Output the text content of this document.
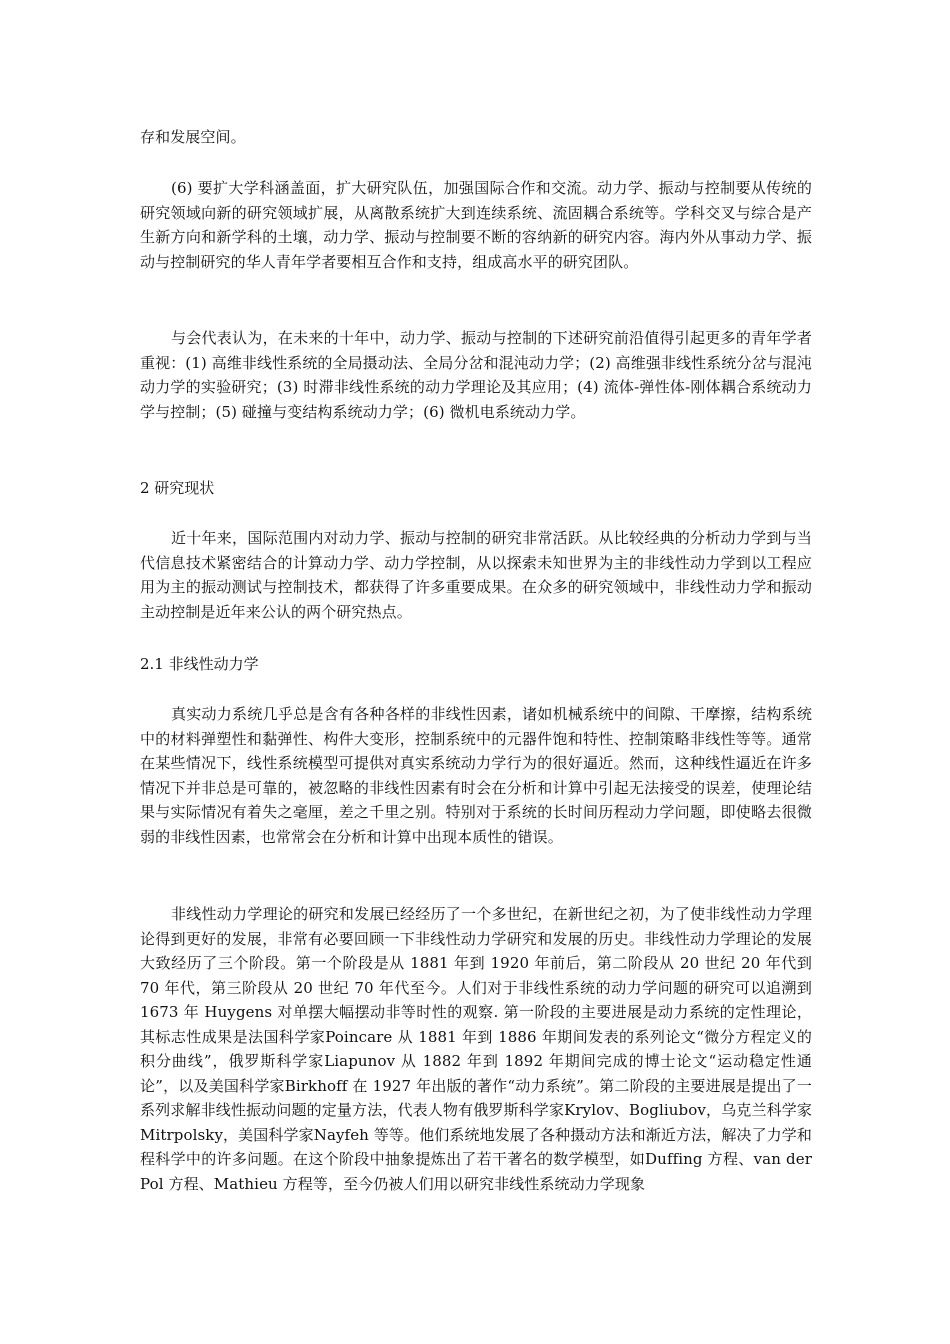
存和发展空间。

(6) 要扩大学科涵盖面，扩大研究队伍，加强国际合作和交流。动力学、振动与控制要从传统的研究领域向新的研究领域扩展，从离散系统扩大到连续系统、流固耦合系统等。学科交叉与综合是产生新方向和新学科的土壤，动力学、振动与控制要不断的容纳新的研究内容。海内外从事动力学、振动与控制研究的华人青年学者要相互合作和支持，组成高水平的研究团队。

与会代表认为，在未来的十年中，动力学、振动与控制的下述研究前沿值得引起更多的青年学者重视：(1) 高维非线性系统的全局摄动法、全局分岔和混沌动力学；(2) 高维强非线性系统分岔与混沌动力学的实验研究；(3) 时滞非线性系统的动力学理论及其应用；(4) 流体-弹性体-刚体耦合系统动力学与控制；(5) 碰撞与变结构系统动力学；(6) 微机电系统动力学。

2 研究现状

近十年来，国际范围内对动力学、振动与控制的研究非常活跃。从比较经典的分析动力学到与当代信息技术紧密结合的计算动力学、动力学控制，从以探索未知世界为主的非线性动力学到以工程应用为主的振动测试与控制技术，都获得了许多重要成果。在众多的研究领域中，非线性动力学和振动主动控制是近年来公认的两个研究热点。

2.1 非线性动力学

真实动力系统几乎总是含有各种各样的非线性因素，诸如机械系统中的间隙、干摩擦，结构系统中的材料弹塑性和黏弹性、构件大变形，控制系统中的元器件饱和特性、控制策略非线性等等。通常在某些情况下，线性系统模型可提供对真实系统动力学行为的很好逼近。然而，这种线性逼近在许多情况下并非总是可靠的，被忽略的非线性因素有时会在分析和计算中引起无法接受的误差，使理论结果与实际情况有着失之毫厘，差之千里之别。特别对于系统的长时间历程动力学问题，即使略去很微弱的非线性因素，也常常会在分析和计算中出现本质性的错误。

非线性动力学理论的研究和发展已经经历了一个多世纪，在新世纪之初，为了使非线性动力学理论得到更好的发展，非常有必要回顾一下非线性动力学研究和发展的历史。非线性动力学理论的发展大致经历了三个阶段。第一个阶段是从 1881 年到 1920 年前后，第二阶段从 20 世纪 20 年代到 70 年代，第三阶段从 20 世纪 70 年代至今。人们对于非线性系统的动力学问题的研究可以追溯到1673 年 Huygens 对单摆大幅摆动非等时性的观察. 第一阶段的主要进展是动力系统的定性理论，其标志性成果是法国科学家Poincare 从 1881 年到 1886 年期间发表的系列论文“微分方程定义的积分曲线”，俄罗斯科学家Liapunov 从 1882 年到 1892 年期间完成的博士论文“运动稳定性通论”，以及美国科学家Birkhoff 在 1927 年出版的著作“动力系统”。第二阶段的主要进展是提出了一系列求解非线性振动问题的定量方法，代表人物有俄罗斯科学家Krylov、Bogliubov，乌克兰科学家Mitrpolsky，美国科学家Nayfeh 等等。他们系统地发展了各种摄动方法和渐近方法，解决了力学和程科学中的许多问题。在这个阶段中抽象提炼出了若干著名的数学模型，如Duffing 方程、van der Pol 方程、Mathieu 方程等，至今仍被人们用以研究非线性系统动力学现象
